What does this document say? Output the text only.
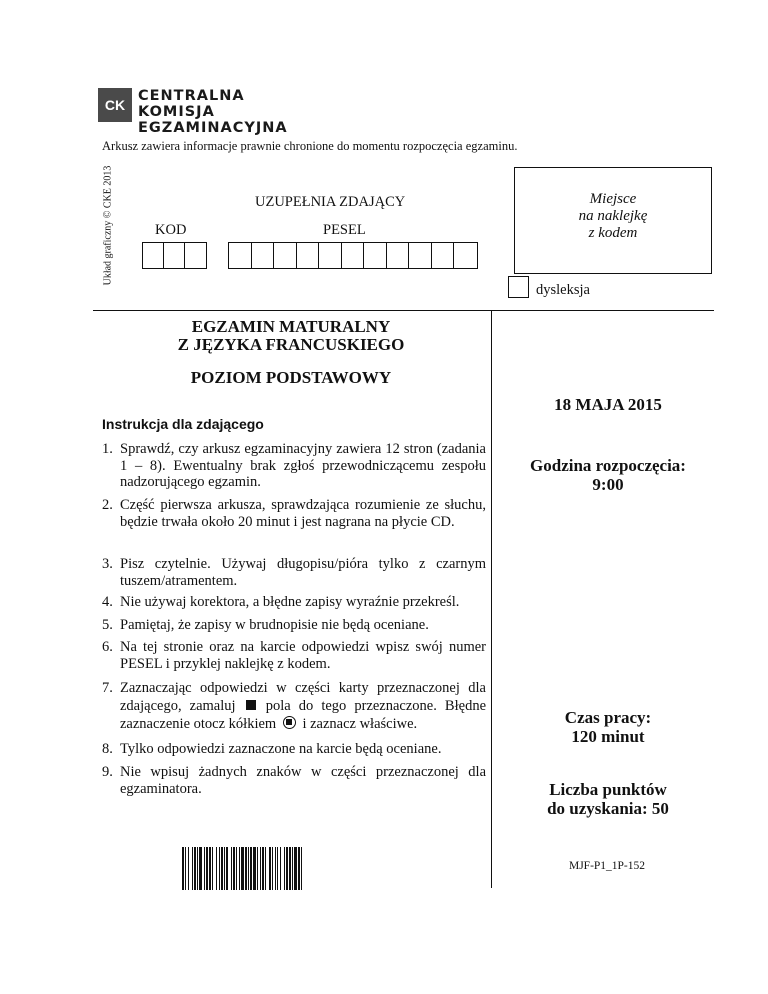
CK
CENTRALNA
KOMISJA
EGZAMINACYJNA
Arkusz zawiera informacje prawnie chronione do momentu rozpoczęcia egzaminu.
Układ graficzny © CKE 2013	UZUPEŁNIA ZDAJĄCY
KOD	PESEL
Miejsce
na naklejkę
z kodem
dysleksja
EGZAMIN MATURALNY
Z JĘZYKA FRANCUSKIEGO
POZIOM PODSTAWOWY
18 MAJA 2015
Godzina rozpoczęcia:
9:00
Czas pracy:
120 minut
Liczba punktów
do uzyskania: 50
Instrukcja dla zdającego
1. Sprawdź, czy arkusz egzaminacyjny zawiera 12 stron (zadania 1 – 8). Ewentualny brak zgłoś przewodniczącemu zespołu nadzorującego egzamin.
2. Część pierwsza arkusza, sprawdzająca rozumienie ze słuchu, będzie trwała około 20 minut i jest nagrana na płycie CD.
3. Pisz czytelnie. Używaj długopisu/pióra tylko z czarnym tuszem/atramentem.
4. Nie używaj korektora, a błędne zapisy wyraźnie przekreśl.
5. Pamiętaj, że zapisy w brudnopisie nie będą oceniane.
6. Na tej stronie oraz na karcie odpowiedzi wpisz swój numer PESEL i przyklej naklejkę z kodem.
7. Zaznaczając odpowiedzi w części karty przeznaczonej dla zdającego, zamaluj pola do tego przeznaczone. Błędne zaznaczenie otocz kółkiem i zaznacz właściwe.
8. Tylko odpowiedzi zaznaczone na karcie będą oceniane.
9. Nie wpisuj żadnych znaków w części przeznaczonej dla egzaminatora.
MJF-P1_1P-152
